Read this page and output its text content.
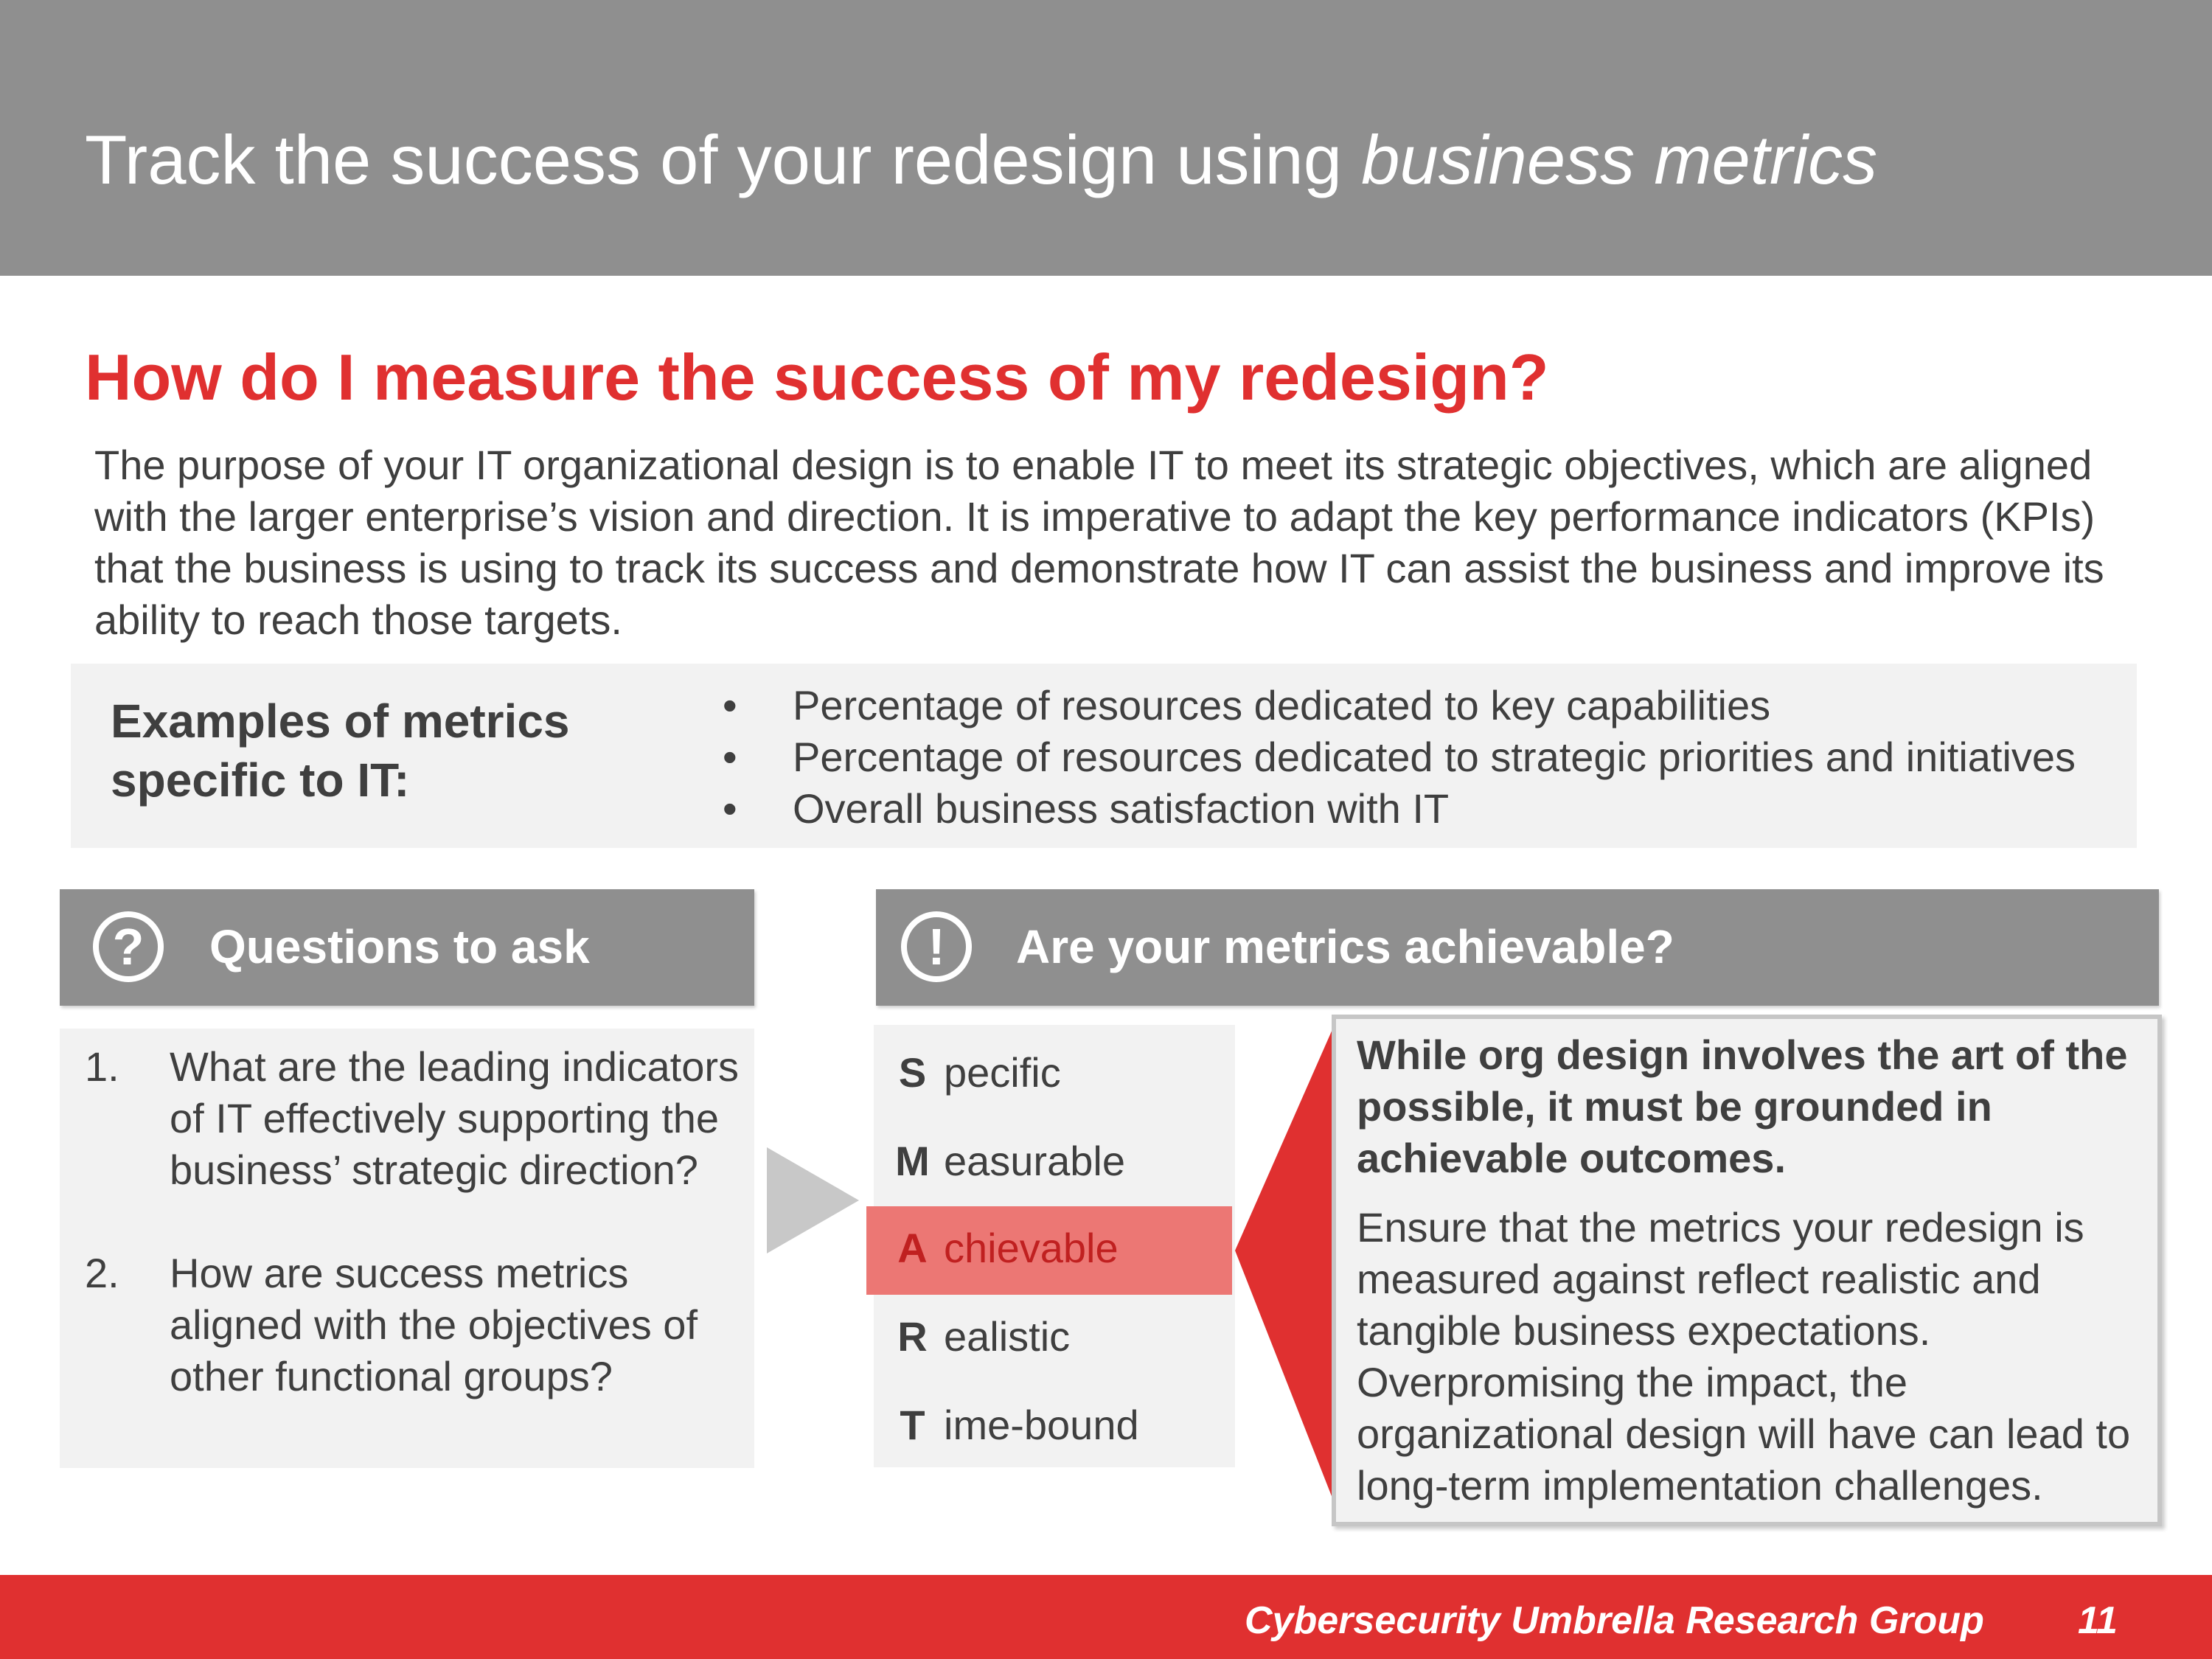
Track the success of your redesign using business metrics
How do I measure the success of my redesign?
The purpose of your IT organizational design is to enable IT to meet its strategic objectives, which are aligned with the larger enterprise’s vision and direction. It is imperative to adapt the key performance indicators (KPIs) that the business is using to track its success and demonstrate how IT can assist the business and improve its ability to reach those targets.
Examples of metrics specific to IT:
• Percentage of resources dedicated to key capabilities
• Percentage of resources dedicated to strategic priorities and initiatives
• Overall business satisfaction with IT
?	Questions to ask
1. What are the leading indicators of IT effectively supporting the business’ strategic direction?
2. How are success metrics aligned with the objectives of other functional groups?
!	Are your metrics achievable?
S pecific
M easurable
A chievable
R ealistic
T ime-bound
While org design involves the art of the possible, it must be grounded in achievable outcomes.
Ensure that the metrics your redesign is measured against reflect realistic and tangible business expectations. Overpromising the impact, the organizational design will have can lead to long-term implementation challenges.
Cybersecurity Umbrella Research Group 11
